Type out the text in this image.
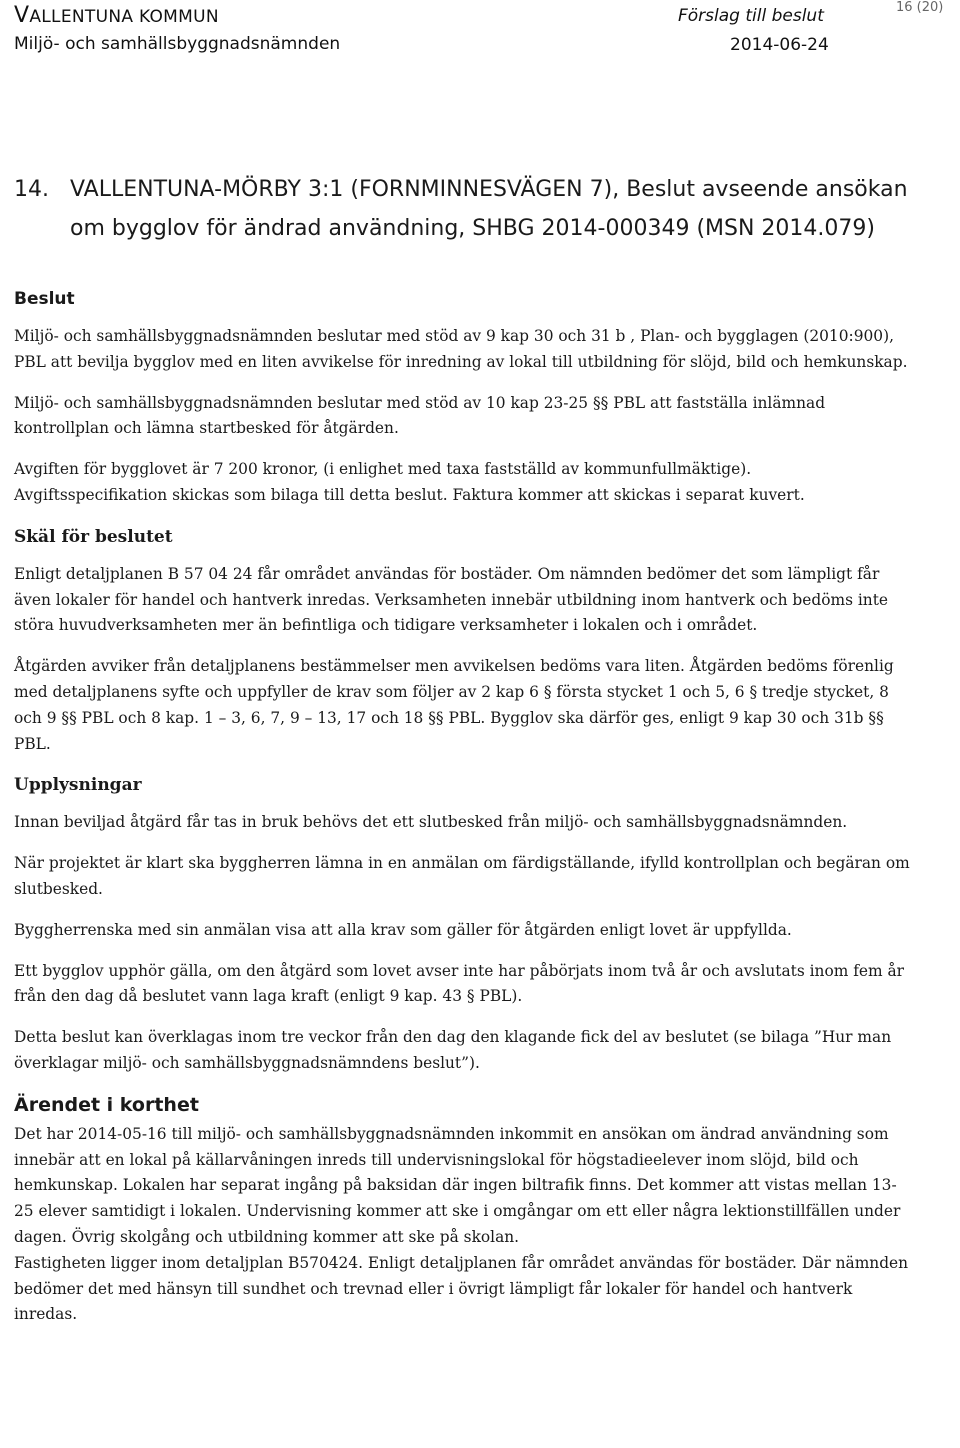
VALLENTUNA KOMMUN
Miljö- och samhällsbyggnadsnämnden
Förslag till beslut
2014-06-24
16 (20)
14. VALLENTUNA-MÖRBY 3:1 (FORNMINNESVÄGEN 7), Beslut avseende ansökan om bygglov för ändrad användning, SHBG 2014-000349 (MSN 2014.079)
Beslut

Miljö- och samhällsbyggnadsnämnden beslutar med stöd av 9 kap 30 och 31 b , Plan- och bygglagen (2010:900), PBL att bevilja bygglov med en liten avvikelse för inredning av lokal till utbildning för slöjd, bild och hemkunskap.

Miljö- och samhällsbyggnadsnämnden beslutar med stöd av 10 kap 23-25 §§ PBL att fastställa inlämnad kontrollplan och lämna startbesked för åtgärden.

Avgiften för bygglovet är 7 200 kronor, (i enlighet med taxa fastställd av kommunfullmäktige).

Avgiftsspecifikation skickas som bilaga till detta beslut. Faktura kommer att skickas i separat kuvert.

Skäl för beslutet

Enligt detaljplanen B 57 04 24 får området användas för bostäder. Om nämnden bedömer det som lämpligt får även lokaler för handel och hantverk inredas. Verksamheten innebär utbildning inom hantverk och bedöms inte störa huvudverksamheten mer än befintliga och tidigare verksamheter i lokalen och i området.

Åtgärden avviker från detaljplanens bestämmelser men avvikelsen bedöms vara liten. Åtgärden bedöms förenlig med detaljplanens syfte och uppfyller de krav som följer av 2 kap 6 § första stycket 1 och 5, 6 § tredje stycket, 8 och 9 §§ PBL och 8 kap. 1 – 3, 6, 7, 9 – 13, 17 och 18 §§ PBL. Bygglov ska därför ges, enligt 9 kap 30 och 31b §§ PBL.

Upplysningar

Innan beviljad åtgärd får tas in bruk behövs det ett slutbesked från miljö- och samhällsbyggnadsnämnden.

När projektet är klart ska byggherren lämna in en anmälan om färdigställande, ifylld kontrollplan och begäran om slutbesked.

Byggherrenska med sin anmälan visa att alla krav som gäller för åtgärden enligt lovet är uppfyllda.

Ett bygglov upphör gälla, om den åtgärd som lovet avser inte har påbörjats inom två år och avslutats inom fem år från den dag då beslutet vann laga kraft (enligt 9 kap. 43 § PBL).

Detta beslut kan överklagas inom tre veckor från den dag den klagande fick del av beslutet (se bilaga ”Hur man överklagar miljö- och samhällsbyggnadsnämndens beslut”).

Ärendet i korthet

Det har 2014-05-16 till miljö- och samhällsbyggnadsnämnden inkommit en ansökan om ändrad användning som innebär att en lokal på källarvåningen inreds till undervisningslokal för högstadieelever inom slöjd, bild och hemkunskap. Lokalen har separat ingång på baksidan där ingen biltrafik finns. Det kommer att vistas mellan 13-25 elever samtidigt i lokalen. Undervisning kommer att ske i omgångar om ett eller några lektionstillfällen under dagen. Övrig skolgång och utbildning kommer att ske på skolan.

Fastigheten ligger inom detaljplan B570424. Enligt detaljplanen får området användas för bostäder. Där nämnden bedömer det med hänsyn till sundhet och trevnad eller i övrigt lämpligt får lokaler för handel och hantverk inredas.
